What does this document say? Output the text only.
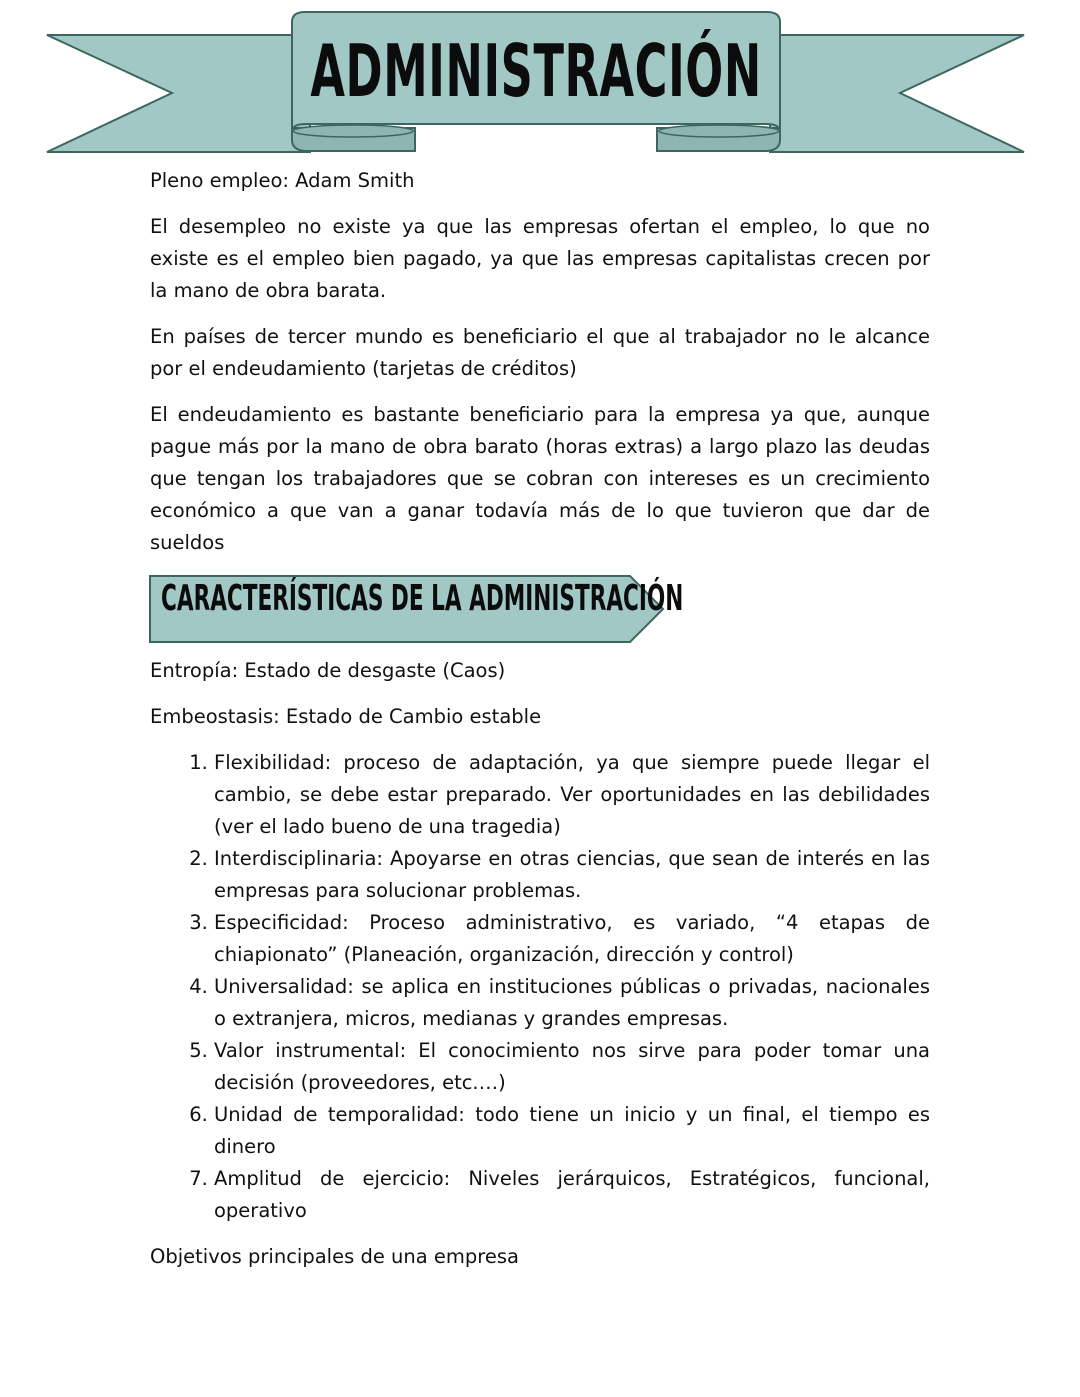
ADMINISTRACIÓN

Pleno empleo: Adam Smith

El desempleo no existe ya que las empresas ofertan el empleo, lo que no existe es el empleo bien pagado, ya que las empresas capitalistas crecen por la mano de obra barata.

En países de tercer mundo es beneficiario el que al trabajador no le alcance por el endeudamiento (tarjetas de créditos)

El endeudamiento es bastante beneficiario para la empresa ya que, aunque pague más por la mano de obra barato (horas extras) a largo plazo las deudas que tengan los trabajadores que se cobran con intereses es un crecimiento económico a que van a ganar todavía más de lo que tuvieron que dar de sueldos

CARACTERÍSTICAS DE LA ADMINISTRACIÓN

Entropía: Estado de desgaste (Caos)

Embeostasis: Estado de Cambio estable

1. Flexibilidad: proceso de adaptación, ya que siempre puede llegar el cambio, se debe estar preparado. Ver oportunidades en las debilidades (ver el lado bueno de una tragedia)
2. Interdisciplinaria: Apoyarse en otras ciencias, que sean de interés en las empresas para solucionar problemas.
3. Especificidad: Proceso administrativo, es variado, “4 etapas de chiapionato” (Planeación, organización, dirección y control)
4. Universalidad: se aplica en instituciones públicas o privadas, nacionales o extranjera, micros, medianas y grandes empresas.
5. Valor instrumental: El conocimiento nos sirve para poder tomar una decisión (proveedores, etc.…)
6. Unidad de temporalidad: todo tiene un inicio y un final, el tiempo es dinero
7. Amplitud de ejercicio: Niveles jerárquicos, Estratégicos, funcional, operativo

Objetivos principales de una empresa
